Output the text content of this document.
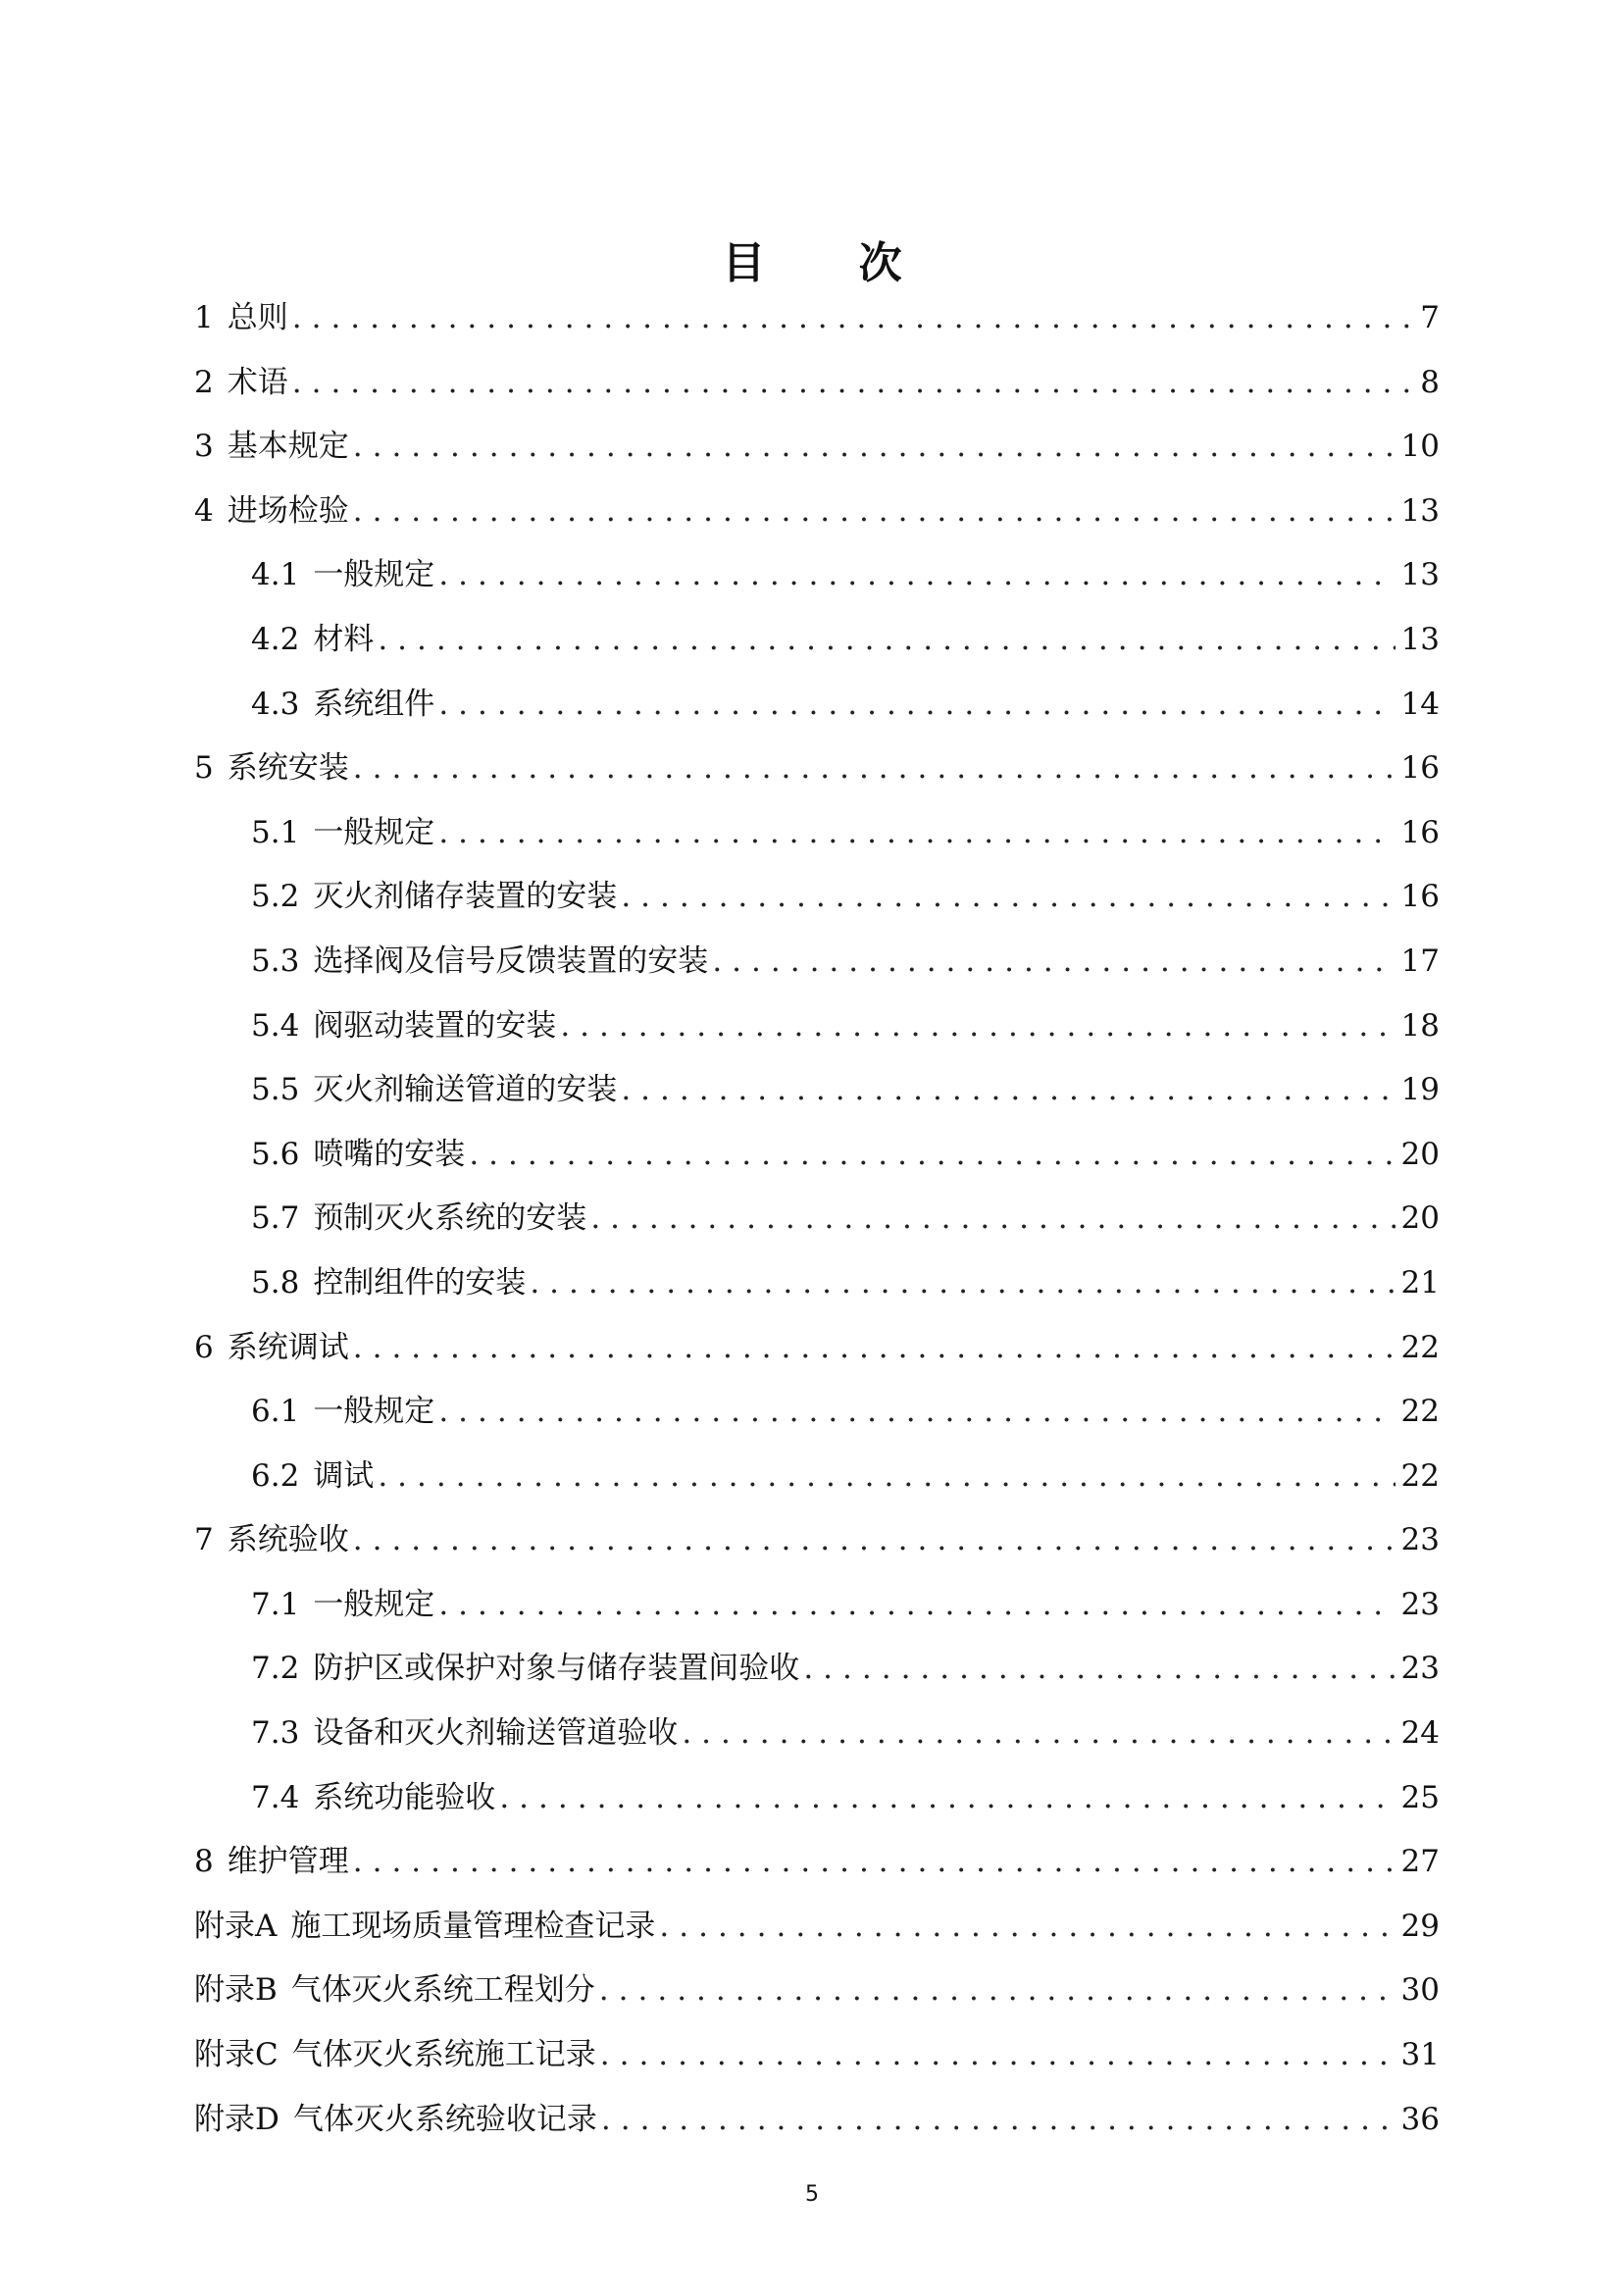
目 次
1 总则 .....	7
2 术语 .....	8
3 基本规定 .....	10
4 进场检验 .....	13
4.1 一般规定 .....	13
4.2 材料 .....	13
4.3 系统组件 .....	14
5 系统安装 .....	16
5.1 一般规定 .....	16
5.2 灭火剂储存装置的安装 .....	16
5.3 选择阀及信号反馈装置的安装 .....	17
5.4 阀驱动装置的安装 .....	18
5.5 灭火剂输送管道的安装 .....	19
5.6 喷嘴的安装 .....	20
5.7 预制灭火系统的安装 .....	20
5.8 控制组件的安装 .....	21
6 系统调试 .....	22
6.1 一般规定 .....	22
6.2 调试 .....	22
7 系统验收 .....	23
7.1 一般规定 .....	23
7.2 防护区或保护对象与储存装置间验收 .....	23
7.3 设备和灭火剂输送管道验收 .....	24
7.4 系统功能验收 .....	25
8 维护管理 .....	27
附录A 施工现场质量管理检查记录 .....	29
附录B 气体灭火系统工程划分 .....	30
附录C 气体灭火系统施工记录 .....	31
附录D 气体灭火系统验收记录 .....	36
5
